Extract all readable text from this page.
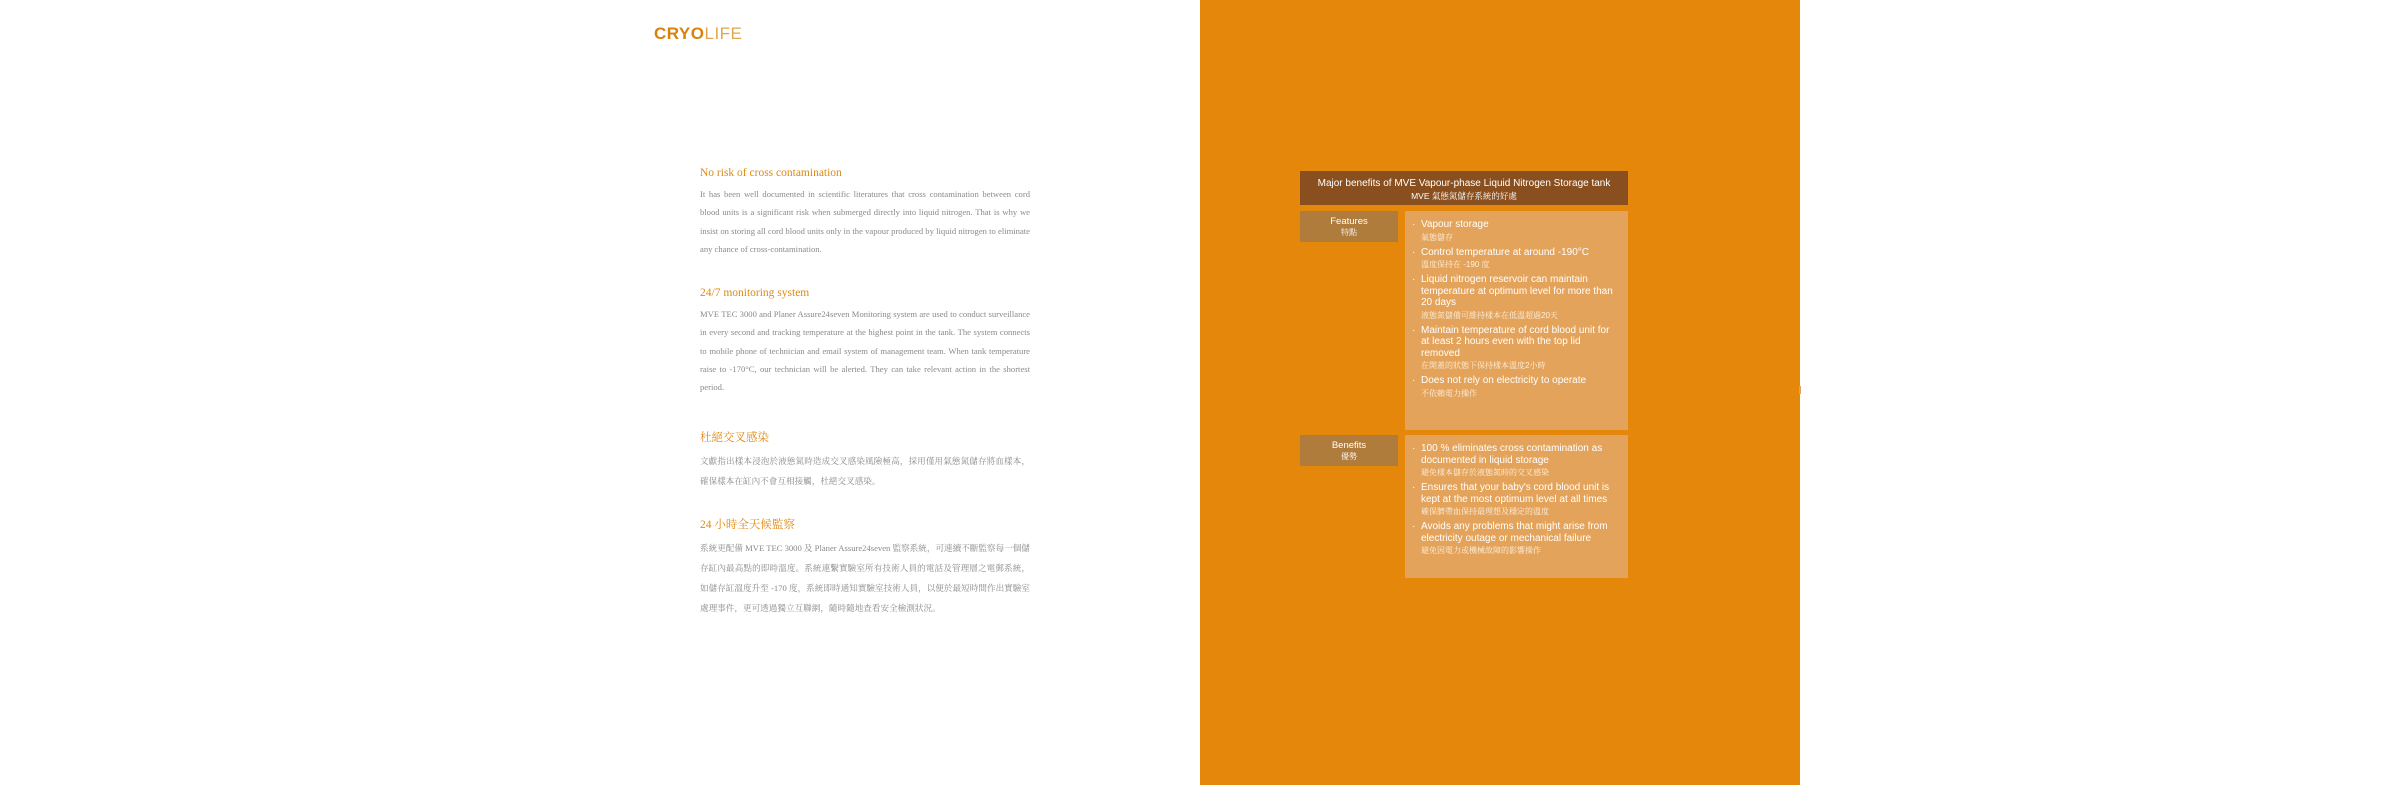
CRYOLIFE

No risk of cross contamination

It has been well documented in scientific literatures that cross contamination between cord blood units is a significant risk when submerged directly into liquid nitrogen. That is why we insist on storing all cord blood units only in the vapour produced by liquid nitrogen to eliminate any chance of cross-contamination.

24/7 monitoring system

MVE TEC 3000 and Planer Assure24seven Monitoring system are used to conduct surveillance in every second and tracking temperature at the highest point in the tank. The system connects to mobile phone of technician and email system of management team. When tank temperature raise to -170°C, our technician will be alerted. They can take relevant action in the shortest period.

杜絕交叉感染

文獻指出樣本浸泡於液態氮時造成交叉感染風險極高，採用僅用氣態氮儲存將血樣本，確保樣本在缸內不會互相接觸，杜絕交叉感染。

24 小時全天候監察

系統更配備 MVE TEC 3000 及 Planer Assure24seven 監察系統，可連續不斷監察每一個儲存缸內最高點的即時溫度。系統連繫實驗室所有技術人員的電話及管理層之電郵系統，如儲存缸溫度升至 -170 度，系統即時通知實驗室技術人員，以便於最短時間作出實驗室處理事件，更可透過獨立互聯網，隨時隨地查看安全檢測狀況。

Major benefits of MVE Vapour-phase Liquid Nitrogen Storage tank
MVE 氣態氮儲存系統的好處
Features
特點
· Vapour storage
氣態儲存
· Control temperature at around -190°C
溫度保持在 -190 度
· Liquid nitrogen reservoir can maintain temperature at optimum level for more than 20 days
液態氮儲備可維持樣本在低溫超過20天
· Maintain temperature of cord blood unit for at least 2 hours even with the top lid removed
在開蓋的狀態下保持樣本溫度2小時
· Does not rely on electricity to operate
不依賴電力操作
Benefits
優勢
· 100 % eliminates cross contamination as documented in liquid storage
避免樣本儲存於液態氮時的交叉感染
· Ensures that your baby's cord blood unit is kept at the most optimum level at all times
確保臍帶血保持最理想及穩定的溫度
· Avoids any problems that might arise from electricity outage or mechanical failure
避免因電力或機械故障的影響操作
